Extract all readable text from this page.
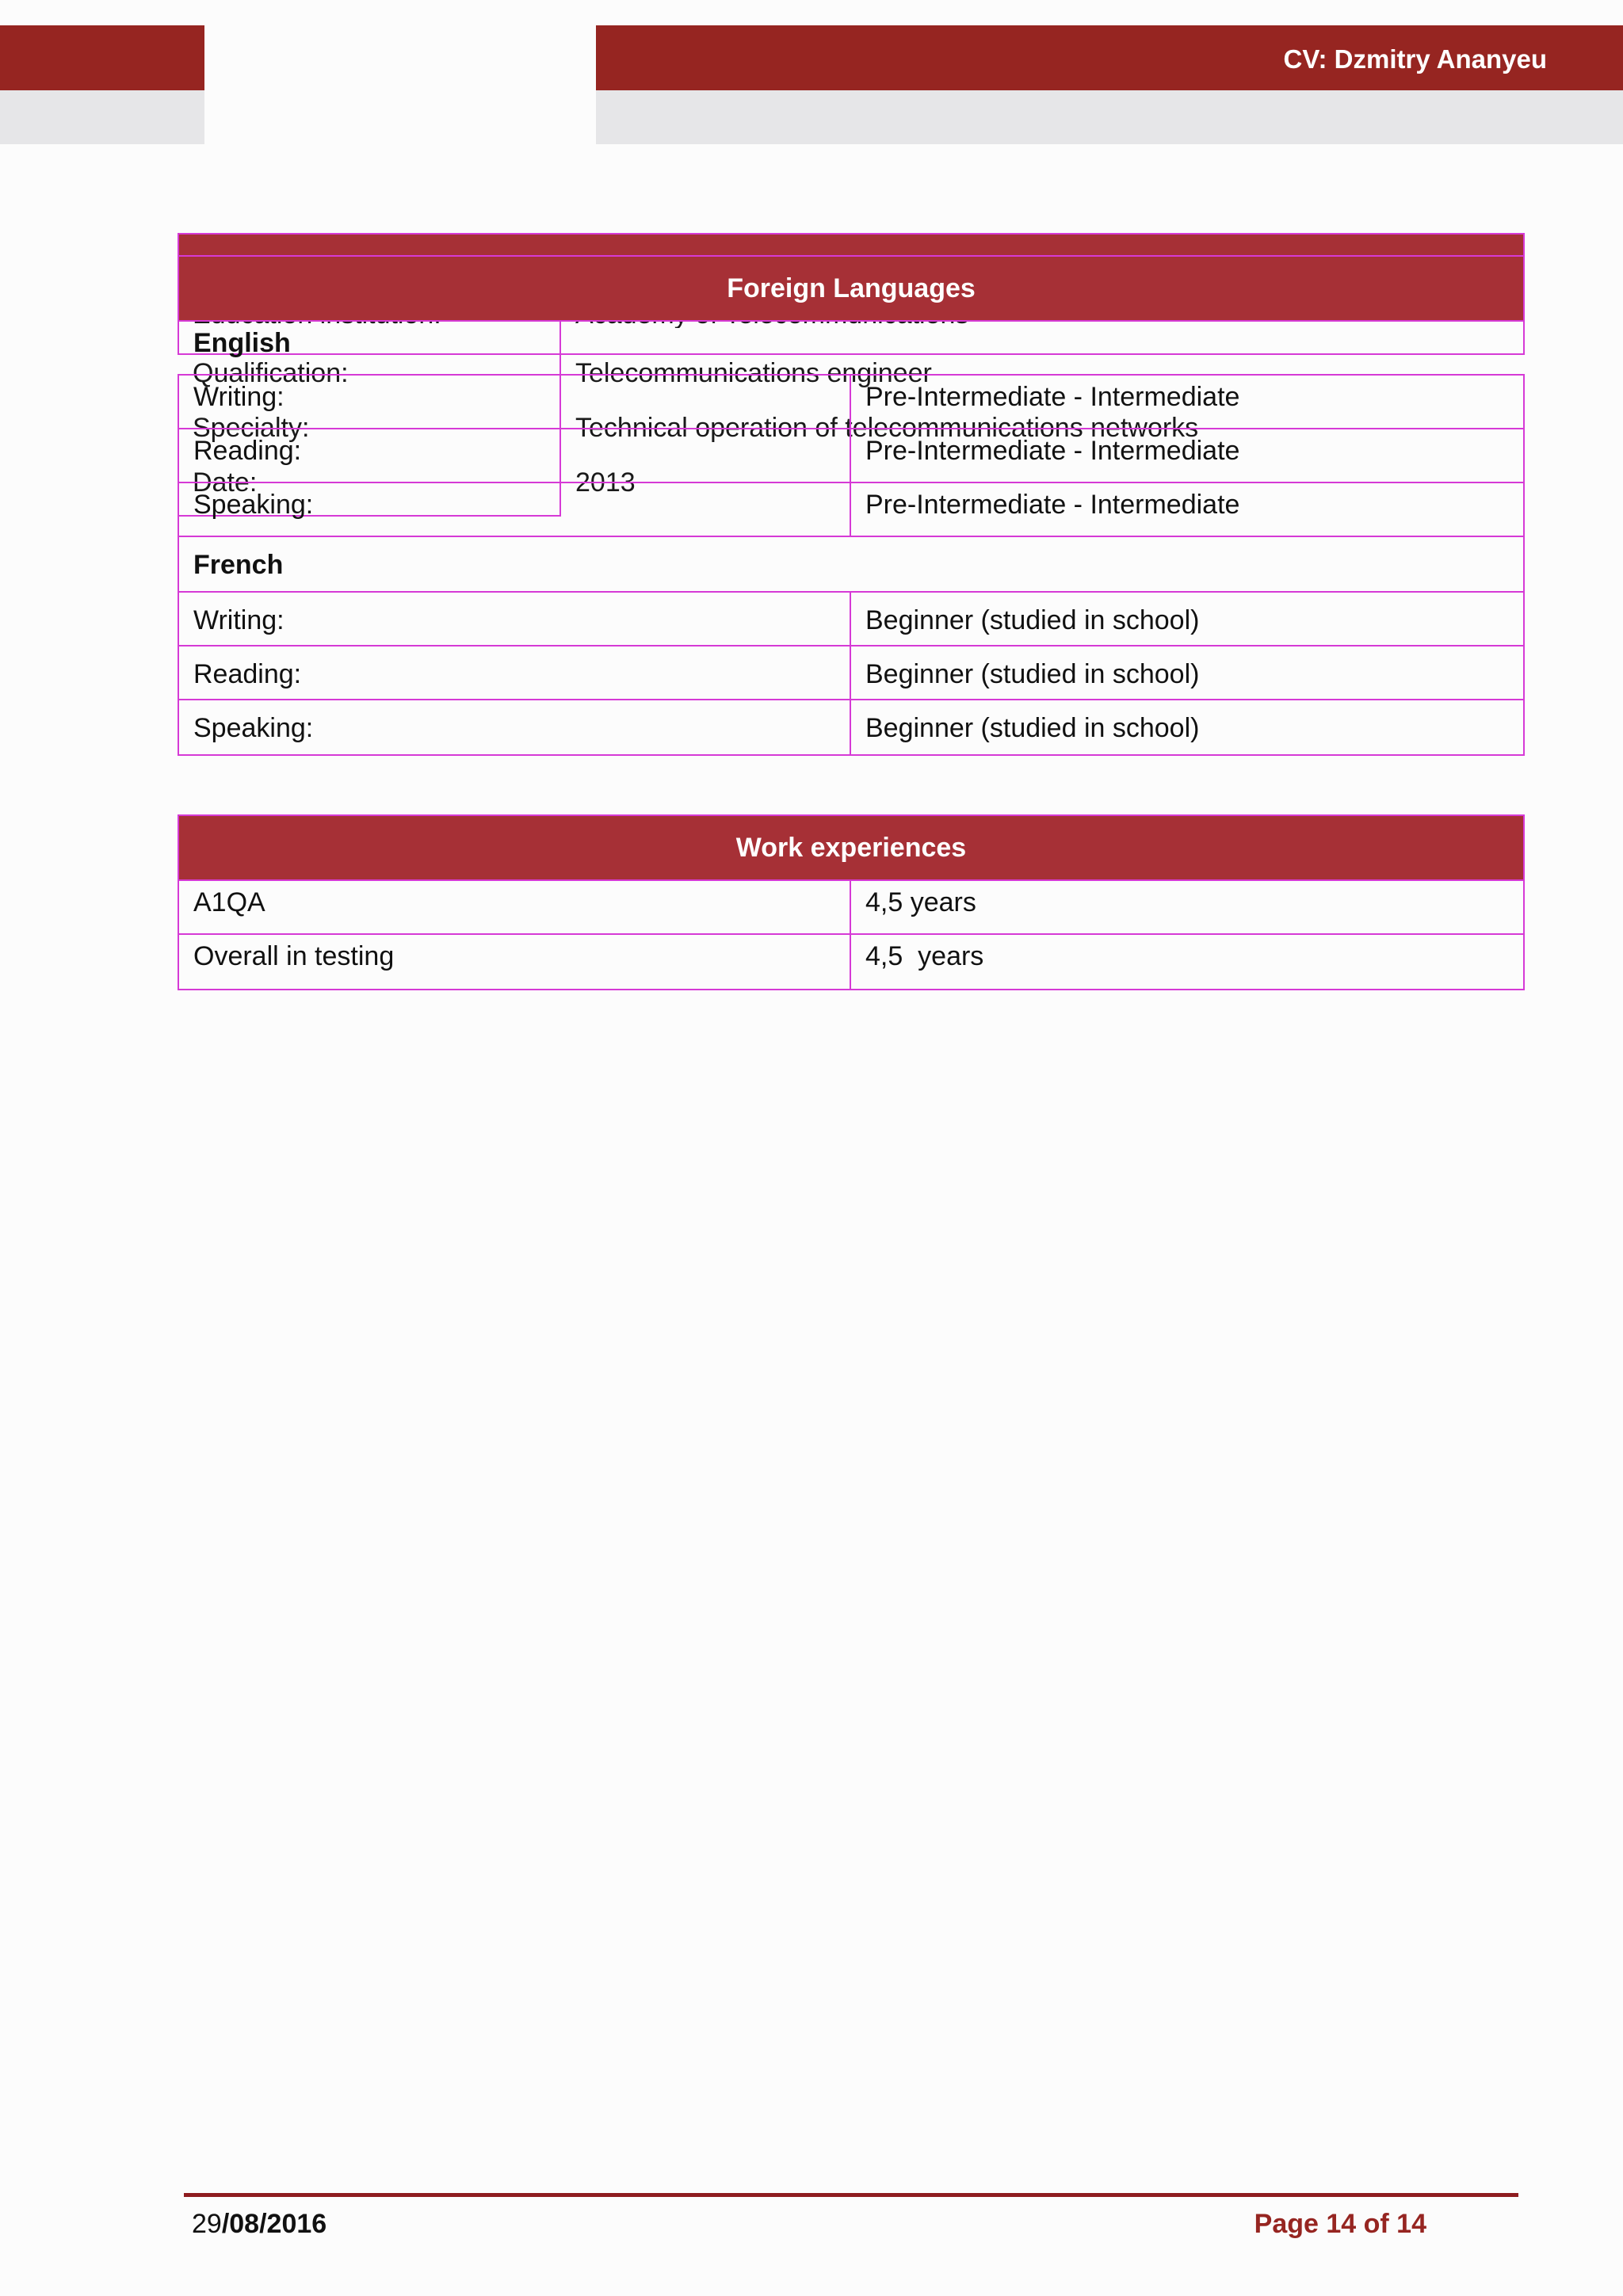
CV: Dzmitry Ananyeu
Qualification:	Telecommunications engineer
Specialty:	Technical operation of telecommunications networks
Date:	2013
Foreign Languages
English
Writing:	Pre-Intermediate - Intermediate
Reading:	Pre-Intermediate - Intermediate
Speaking:	Pre-Intermediate - Intermediate
French
Writing:	Beginner (studied in school)
Reading:	Beginner (studied in school)
Speaking:	Beginner (studied in school)
Work experiences
A1QA	4,5 years
Overall in testing	4,5  years
29/08/2016	Page 14 of 14
